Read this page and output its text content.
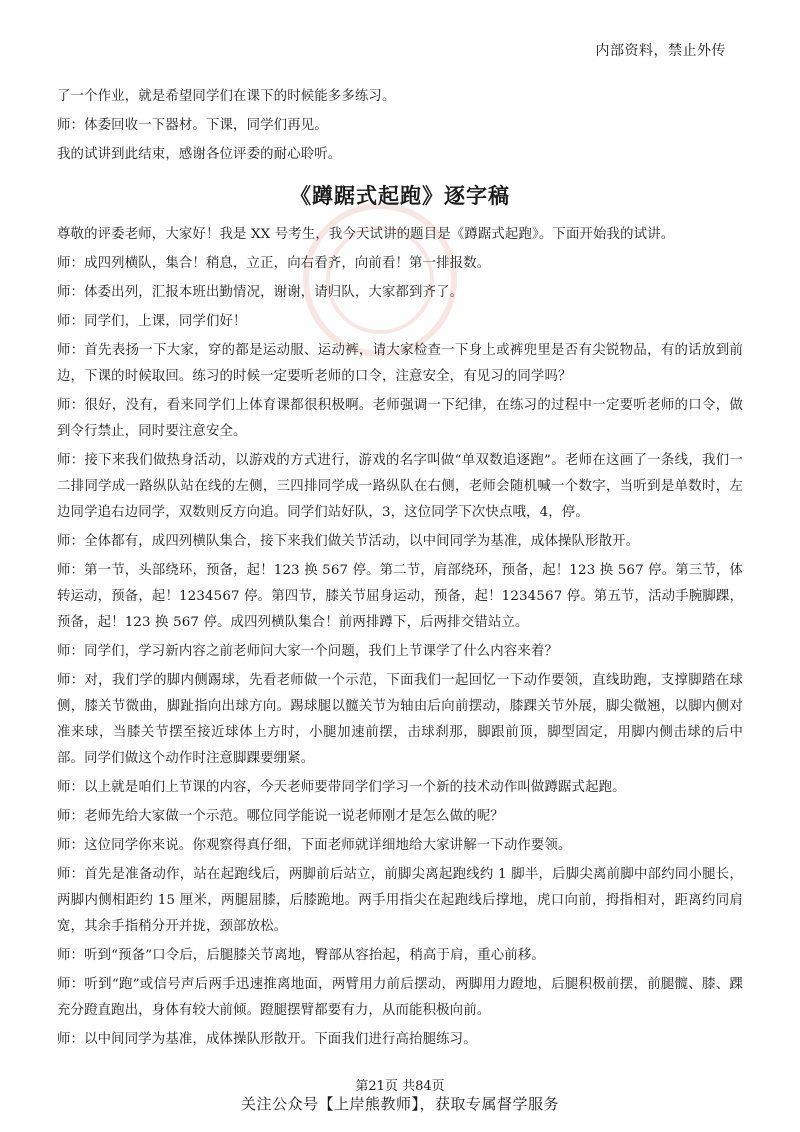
内部资料，禁止外传

了一个作业，就是希望同学们在课下的时候能多多练习。

师：体委回收一下器材。下课，同学们再见。

我的试讲到此结束，感谢各位评委的耐心聆听。

《蹲踞式起跑》逐字稿

尊敬的评委老师，大家好！我是 XX 号考生，我今天试讲的题目是《蹲踞式起跑》。下面开始我的试讲。

师：成四列横队，集合！稍息，立正，向右看齐，向前看！第一排报数。

师：体委出列，汇报本班出勤情况，谢谢，请归队，大家都到齐了。

师：同学们，上课，同学们好！

师：首先表扬一下大家，穿的都是运动服、运动裤，请大家检查一下身上或裤兜里是否有尖锐物品，有的话放到前边，下课的时候取回。练习的时候一定要听老师的口令，注意安全，有见习的同学吗？

师：很好，没有，看来同学们上体育课都很积极啊。老师强调一下纪律，在练习的过程中一定要听老师的口令，做到令行禁止，同时要注意安全。

师：接下来我们做热身活动，以游戏的方式进行，游戏的名字叫做“单双数追逐跑”。老师在这画了一条线，我们一二排同学成一路纵队站在线的左侧，三四排同学成一路纵队在右侧，老师会随机喊一个数字，当听到是单数时，左边同学追右边同学，双数则反方向追。同学们站好队，3，这位同学下次快点哦，4，停。

师：全体都有，成四列横队集合，接下来我们做关节活动，以中间同学为基准，成体操队形散开。

师：第一节，头部绕环，预备，起！123 换 567 停。第二节，肩部绕环，预备，起！123 换 567 停。第三节，体转运动，预备，起！1234567 停。第四节，膝关节屈身运动，预备，起！1234567 停。第五节，活动手腕脚踝，预备，起！123 换 567 停。成四列横队集合！前两排蹲下，后两排交错站立。

师：同学们，学习新内容之前老师问大家一个问题，我们上节课学了什么内容来着？

师：对，我们学的脚内侧踢球，先看老师做一个示范，下面我们一起回忆一下动作要领，直线助跑，支撑脚踏在球侧，膝关节微曲，脚趾指向出球方向。踢球腿以髋关节为轴由后向前摆动，膝踝关节外展，脚尖微翘，以脚内侧对准来球，当膝关节摆至接近球体上方时，小腿加速前摆，击球刹那，脚跟前顶，脚型固定，用脚内侧击球的后中部。同学们做这个动作时注意脚踝要绷紧。

师：以上就是咱们上节课的内容，今天老师要带同学们学习一个新的技术动作叫做蹲踞式起跑。

师：老师先给大家做一个示范。哪位同学能说一说老师刚才是怎么做的呢？

师：这位同学你来说。你观察得真仔细，下面老师就详细地给大家讲解一下动作要领。

师：首先是准备动作，站在起跑线后，两脚前后站立，前脚尖离起跑线约 1 脚半，后脚尖离前脚中部约同小腿长，两脚内侧相距约 15 厘米，两腿屈膝，后膝跪地。两手用指尖在起跑线后撑地，虎口向前，拇指相对，距离约同肩宽，其余手指稍分开并拢，颈部放松。

师：听到“预备”口令后，后腿膝关节离地，臀部从容抬起，稍高于肩，重心前移。

师：听到“跑”或信号声后两手迅速推离地面，两臂用力前后摆动，两脚用力蹬地，后腿积极前摆，前腿髋、膝、踝充分蹬直跑出，身体有较大前倾。蹬腿摆臂都要有力，从而能积极向前。

师：以中间同学为基准，成体操队形散开。下面我们进行高抬腿练习。

第21页 共84页
关注公众号【上岸熊教师】，获取专属督学服务
